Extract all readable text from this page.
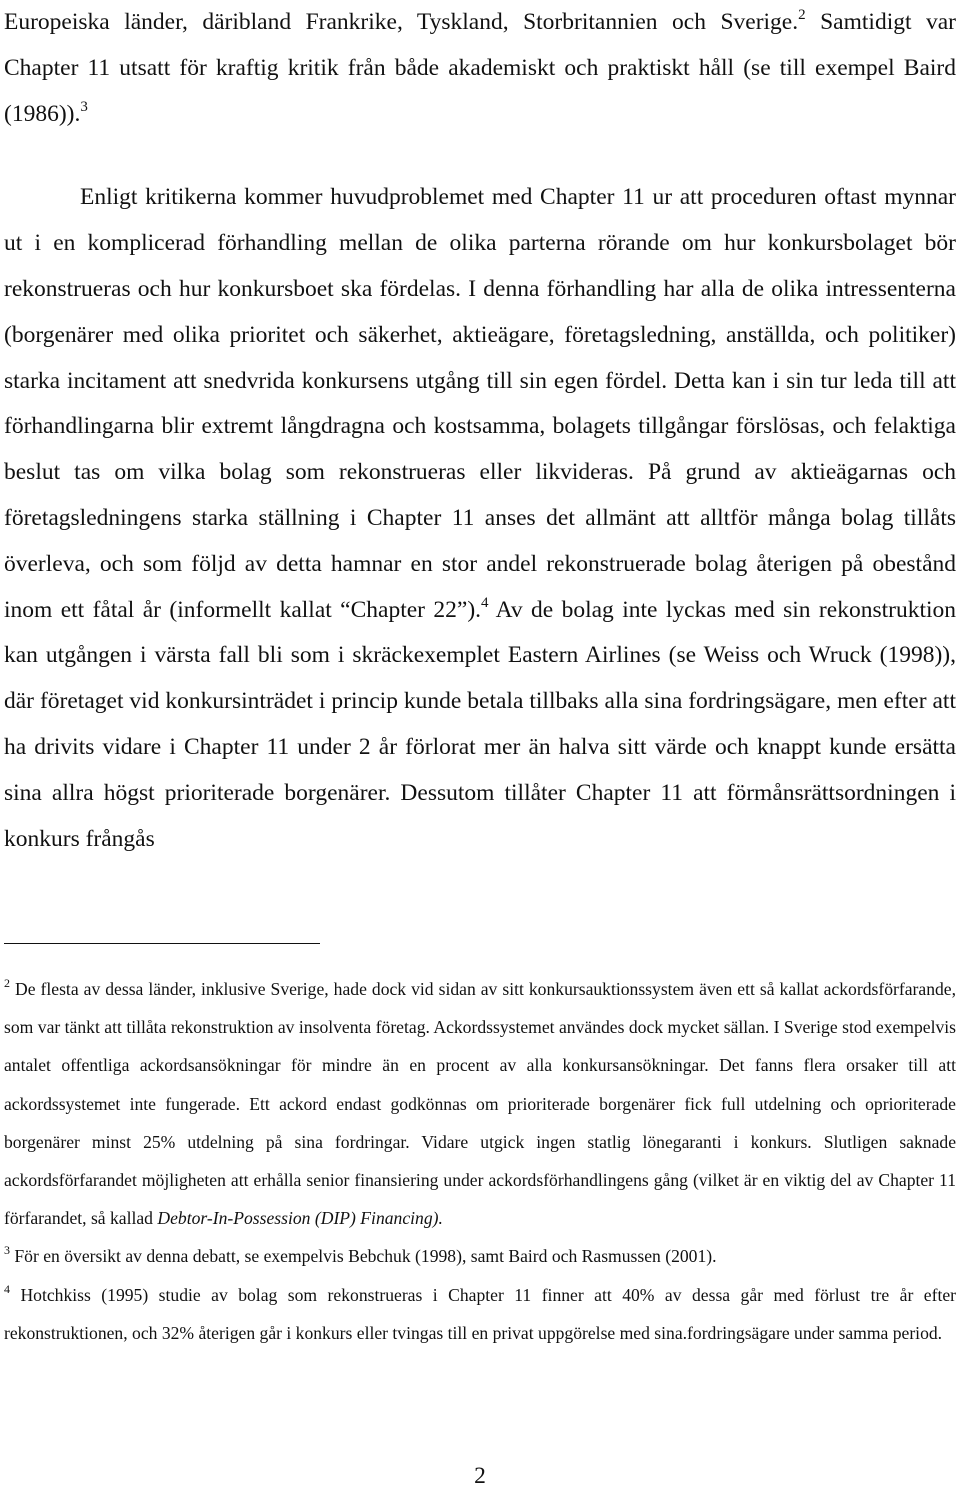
Europeiska länder, däribland Frankrike, Tyskland, Storbritannien och Sverige.$^2$ Samtidigt var Chapter 11 utsatt för kraftig kritik från både akademiskt och praktiskt håll (se till exempel Baird (1986)).$^3$

Enligt kritikerna kommer huvudproblemet med Chapter 11 ur att proceduren oftast mynnar ut i en komplicerad förhandling mellan de olika parterna rörande om hur konkursbolaget bör rekonstrueras och hur konkursboet ska fördelas. I denna förhandling har alla de olika intressenterna (borgenärer med olika prioritet och säkerhet, aktieägare, företagsledning, anställda, och politiker) starka incitament att snedvrida konkursens utgång till sin egen fördel. Detta kan i sin tur leda till att förhandlingarna blir extremt långdragna och kostsamma, bolagets tillgångar förslösas, och felaktiga beslut tas om vilka bolag som rekonstrueras eller likvideras. På grund av aktieägarnas och företagsledningens starka ställning i Chapter 11 anses det allmänt att alltför många bolag tillåts överleva, och som följd av detta hamnar en stor andel rekonstruerade bolag återigen på obestånd inom ett fåtal år (informellt kallat “Chapter 22”).$^4$ Av de bolag inte lyckas med sin rekonstruktion kan utgången i värsta fall bli som i skräckexemplet Eastern Airlines (se Weiss och Wruck (1998)), där företaget vid konkursinträdet i princip kunde betala tillbaks alla sina fordringsägare, men efter att ha drivits vidare i Chapter 11 under 2 år förlorat mer än halva sitt värde och knappt kunde ersätta sina allra högst prioriterade borgenärer. Dessutom tillåter Chapter 11 att förmånsrättsordningen i konkurs frångås

$^2$ De flesta av dessa länder, inklusive Sverige, hade dock vid sidan av sitt konkursauktionssystem även ett så kallat ackordsförfarande, som var tänkt att tillåta rekonstruktion av insolventa företag. Ackordssystemet användes dock mycket sällan. I Sverige stod exempelvis antalet offentliga ackordsansökningar för mindre än en procent av alla konkursansökningar. Det fanns flera orsaker till att ackordssystemet inte fungerade. Ett ackord endast godkönnas om prioriterade borgenärer fick full utdelning och oprioriterade borgenärer minst 25% utdelning på sina fordringar. Vidare utgick ingen statlig lönegaranti i konkurs. Slutligen saknade ackordsförfarandet möjligheten att erhålla senior finansiering under ackordsförhandlingens gång (vilket är en viktig del av Chapter 11 förfarandet, så kallad Debtor-In-Possession (DIP) Financing).

$^3$ För en översikt av denna debatt, se exempelvis Bebchuk (1998), samt Baird och Rasmussen (2001).

$^4$ Hotchkiss (1995) studie av bolag som rekonstrueras i Chapter 11 finner att 40% av dessa går med förlust tre år efter rekonstruktionen, och 32% återigen går i konkurs eller tvingas till en privat uppgörelse med sina.fordringsägare under samma period.

2
